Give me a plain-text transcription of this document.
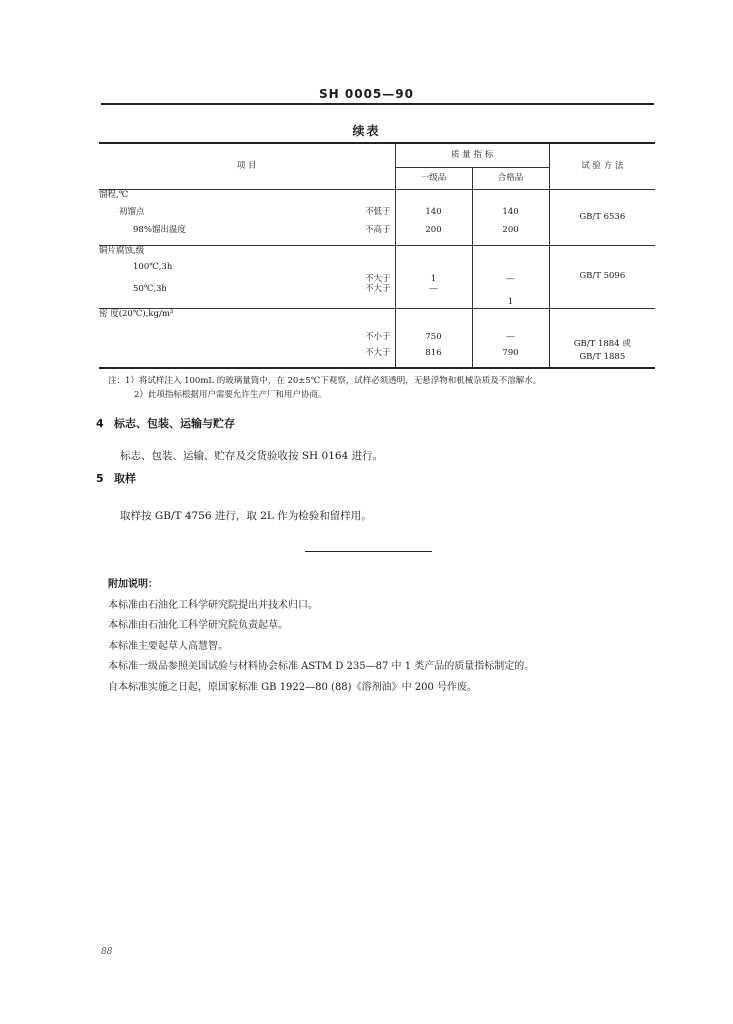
SH 0005—90
续表
项 目		质 量 指 标		试 验 方 法
		一级品	合格品	
馏程,℃				GB/T 6536
初馏点	不低于	140	140	
98%馏出温度	不高于	200	200	
铜片腐蚀,级				GB/T 5096
100℃,3h	不大于	1	—	
50℃,3h	不大于	—	1	
密 度(20℃),kg/m³				GB/T 1884 或
GB/T 1885

	不小于	750	—	
	不大于	816	790	
注：1）将试样注入 100mL 的玻璃量筒中，在 20±5℃下观察，试样必须透明，无悬浮物和机械杂质及不溶解水。
2）此项指标根据用户需要允许生产厂和用户协商。
4 标志、包装、运输与贮存
标志、包装、运输、贮存及交货验收按 SH 0164 进行。
5 取样
取样按 GB/T 4756 进行，取 2L 作为检验和留样用。
附加说明：
本标准由石油化工科学研究院提出并技术归口。
本标准由石油化工科学研究院负责起草。
本标准主要起草人高慧智。
本标准一级品参照美国试验与材料协会标准 ASTM D 235—87 中 1 类产品的质量指标制定的。
自本标准实施之日起，原国家标准 GB 1922—80 (88)《溶剂油》中 200 号作废。
88
